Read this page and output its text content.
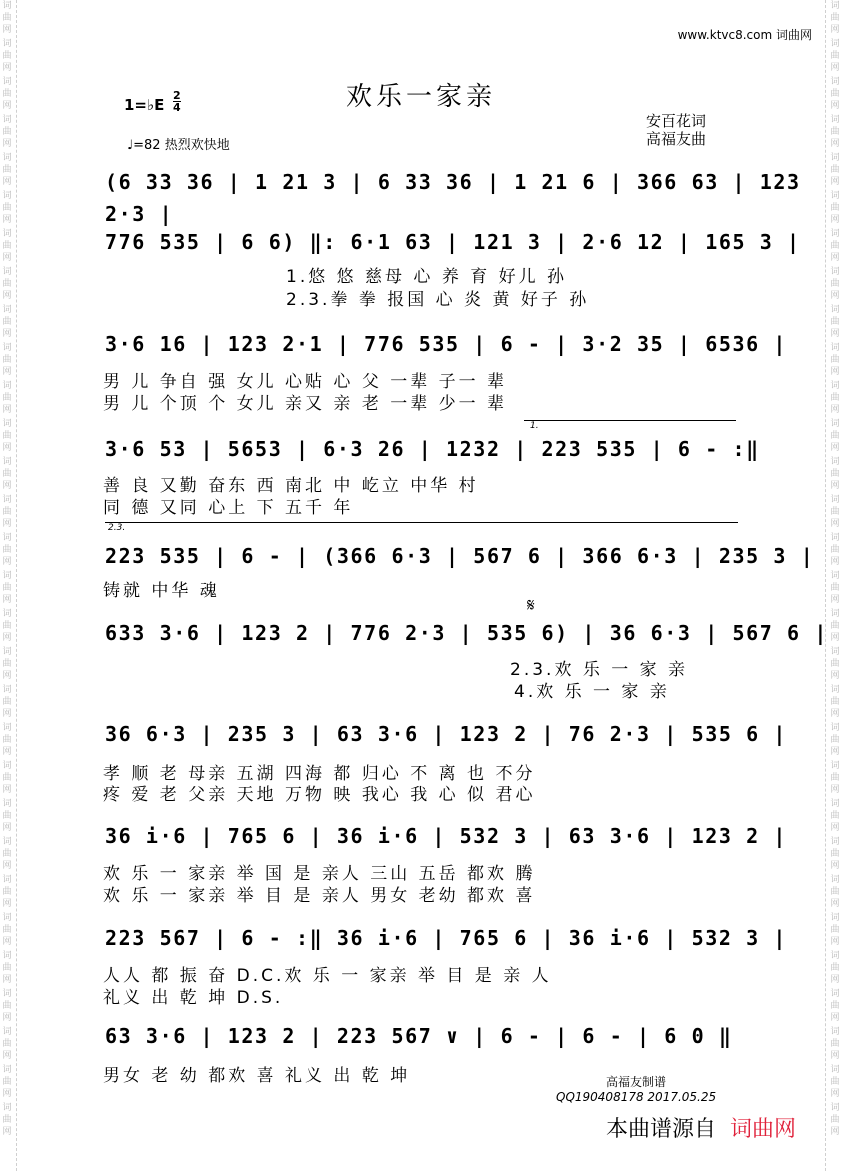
词
曲
网
词
曲
网
词
曲
网
词
曲
网
词
曲
网
词
曲
网
词
曲
网
词
曲
网
词
曲
网
词
曲
网
词
曲
网
词
曲
网
词
曲
网
词
曲
网
词
曲
网
词
曲
网
词
曲
网
词
曲
网
词
曲
网
词
曲
网
词
曲
网
词
曲
网
词
曲
网
词
曲
网
词
曲
网
词
曲
网
词
曲
网
词
曲
网
词
曲
网
词
曲
网
词
曲
网
词
曲
网
词
曲
网
词
曲
网
词
曲
网
词
曲
网
词
曲
网
词
曲
网
词
曲
网
词
曲
网
词
曲
网
词
曲
网
词
曲
网
词
曲
网
词
曲
网
词
曲
网
词
曲
网
词
曲
网
词
曲
网
词
曲
网
词
曲
网
词
曲
网
词
曲
网
词
曲
网
词
曲
网
词
曲
网
词
曲
网
词
曲
网
词
曲
网
词
曲
网
www.ktvc8.com 词曲网
欢乐一家亲
1=♭E
2
4
♩=82 热烈欢快地
安百花词
高福友曲
(6 33 36 | 1 21 3 | 6 33 36 | 1 21 6 | 366 63 | 123 2·3 |
776 535 | 6 6) ‖: 6·1 63 | 121 3 | 2·6 12 | 165 3 |
1.悠 悠 慈母 心 养 育 好儿 孙
2.3.拳 拳 报国 心 炎 黄 好子 孙
3·6 16 | 123 2·1 | 776 535 | 6 - | 3·2 35 | 6536 |
男 儿 争自 强 女儿 心贴 心 父 一辈 子一 辈
男 儿 个顶 个 女儿 亲又 亲 老 一辈 少一 辈
1.
3·6 53 | 5653 | 6·3 26 | 1232 | 223 535 | 6 - :‖
善 良 又勤 奋东 西 南北 中 屹立 中华 村
同 德 又同 心上 下 五千 年
2.3.
223 535 | 6 - | (366 6·3 | 567 6 | 366 6·3 | 235 3 |
铸就 中华 魂
𝄋
633 3·6 | 123 2 | 776 2·3 | 535 6) | 36 6·3 | 567 6 |
2.3.欢 乐 一 家 亲
4.欢 乐 一 家 亲
36 6·3 | 235 3 | 63 3·6 | 123 2 | 76 2·3 | 535 6 |
孝 顺 老 母亲 五湖 四海 都 归心 不 离 也 不分
疼 爱 老 父亲 天地 万物 映 我心 我 心 似 君心
36 i·6 | 765 6 | 36 i·6 | 532 3 | 63 3·6 | 123 2 |
欢 乐 一 家亲 举 国 是 亲人 三山 五岳 都欢 腾
欢 乐 一 家亲 举 目 是 亲人 男女 老幼 都欢 喜
223 567 | 6 - :‖ 36 i·6 | 765 6 | 36 i·6 | 532 3 |
人人 都 振 奋 D.C.欢 乐 一 家亲 举 目 是 亲 人
礼义 出 乾 坤 D.S.
63 3·6 | 123 2 | 223 567 ∨ | 6 - | 6 - | 6 0 ‖
男女 老 幼 都欢 喜 礼义 出 乾 坤	高福友制谱
QQ190408178 2017.05.25
本曲谱源自 词曲网
